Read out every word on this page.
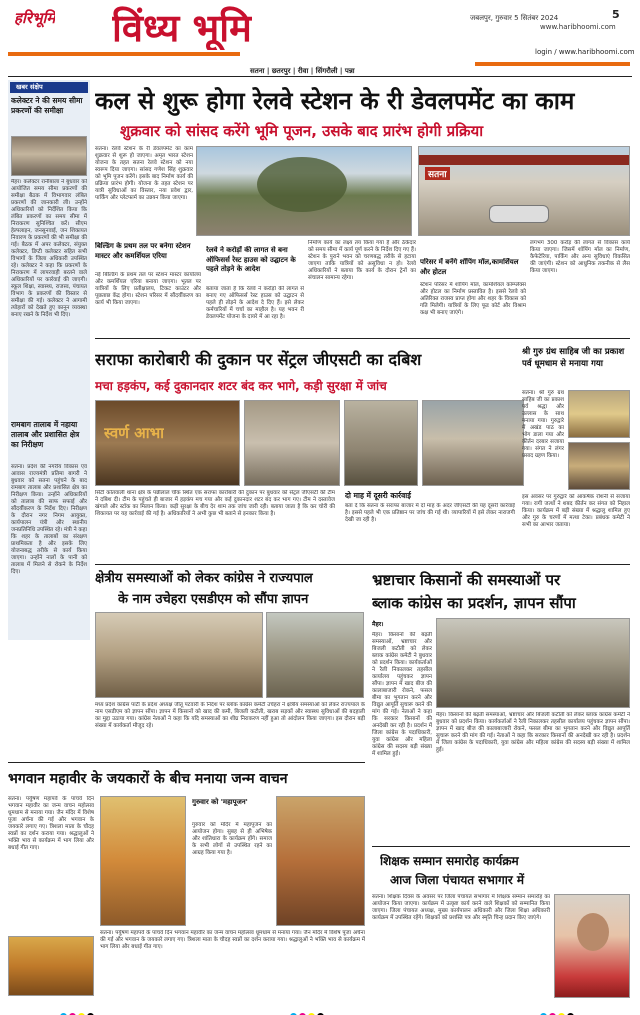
हरिभूमि विंध्य भूमि	जबलपुर, गुरुवार 5 सितंबर 2024
www.haribhoomi.com
5
login / www.haribhoomi.com
सतना | छतरपुर | रीवा | सिंगरौली | पन्ना
खबर संक्षेप
कलेक्टर ने की समय सीमा प्रकरणों की समीक्षा
मैहर। कलेक्टर रानीबाला ने बुधवार को आयोजित समय सीमा प्रकरणों की समीक्षा बैठक में विभागवार लंबित प्रकरणों की जानकारी ली। उन्होंने अधिकारियों को निर्देशित किया कि लंबित प्रकरणों का समय सीमा में निराकरण सुनिश्चित करें। सीएम हेल्पलाइन, जनसुनवाई, जन शिकायत निवारण के प्रकरणों की भी समीक्षा की गई। बैठक में अपर कलेक्टर, संयुक्त कलेक्टर, डिप्टी कलेक्टर सहित सभी विभागों के जिला अधिकारी उपस्थित रहे। कलेक्टर ने कहा कि प्रकरणों के निराकरण में लापरवाही बरतने वाले अधिकारियों पर कार्रवाई की जाएगी। स्कूल शिक्षा, स्वास्थ्य, राजस्व, पंचायत विभाग के प्रकरणों की विस्तार से समीक्षा की गई। कलेक्टर ने आगामी त्योहारों को देखते हुए कानून व्यवस्था बनाए रखने के निर्देश भी दिए।
रामबाग तालाब में नहाया तालाब और प्रशासित क्षेत्र का निरीक्षण
सतना। प्रदेश की नगरीय विकास एवं आवास राज्यमंत्री प्रतिमा बागरी ने बुधवार को सतना पहुंचने के बाद रामबाग तालाब और प्रशासित क्षेत्र का निरीक्षण किया। उन्होंने अधिकारियों को तालाब की साफ सफाई और सौंदर्यीकरण के निर्देश दिए। निरीक्षण के दौरान नगर निगम आयुक्त, कार्यपालन यंत्री और स्थानीय जनप्रतिनिधि उपस्थित रहे। मंत्री ने कहा कि शहर के तालाबों का संरक्षण प्राथमिकता है और इसके लिए योजनाबद्ध तरीके से कार्य किया जाएगा। उन्होंने नालों के पानी को तालाब में मिलने से रोकने के निर्देश दिए।
कल से शुरू होगा रेलवे स्टेशन के री डेवलपमेंट का काम
शुक्रवार को सांसद करेंगे भूमि पूजन, उसके बाद प्रारंभ होगी प्रक्रिया
सतना
सतना। रेलवे स्टेशन के री डेवलपमेंट का काम शुक्रवार से शुरू हो जाएगा। अमृत भारत स्टेशन योजना के तहत सतना रेलवे स्टेशन को नया स्वरूप दिया जाएगा। सांसद गणेश सिंह शुक्रवार को भूमि पूजन करेंगे। इसके बाद निर्माण कार्य की प्रक्रिया प्रारंभ होगी। योजना के तहत स्टेशन पर यात्री सुविधाओं का विस्तार, नया प्रवेश द्वार, पार्किंग और प्लेटफार्म का उन्नयन किया जाएगा।
बिल्डिंग के प्रथम तल पर बनेगा स्टेशन मास्टर और कमर्शियल एरिया
नई बिल्डिंग के प्रथम तल पर स्टेशन मास्टर कार्यालय और कमर्शियल एरिया बनाया जाएगा। भूतल पर यात्रियों के लिए प्रतीक्षालय, टिकट काउंटर और पूछताछ केंद्र होगा। स्टेशन परिसर में सौंदर्यीकरण का कार्य भी किया जाएगा।
रेलवे ने करोड़ों की लागत से बना ऑफिसर्स रेस्ट हाउस को उद्घाटन के पहले तोड़ने के आदेश
बताया जाता है कि रेलवे ने करोड़ों की लागत से बनाए गए ऑफिसर्स रेस्ट हाउस को उद्घाटन से पहले ही तोड़ने के आदेश दे दिए हैं। इसे लेकर कर्मचारियों में चर्चा का माहौल है। यह भवन री डेवलपमेंट योजना के दायरे में आ रहा है।
निर्माण कार्य का लक्ष्य तय किया गया है और ठेकेदार को समय सीमा में कार्य पूर्ण करने के निर्देश दिए गए हैं। स्टेशन के पुराने भवन को चरणबद्ध तरीके से हटाया जाएगा ताकि यात्रियों को असुविधा न हो। रेलवे अधिकारियों ने बताया कि कार्य के दौरान ट्रेनों का संचालन सामान्य रहेगा।
परिसर में बनेंगे शॉपिंग मॉल,कामर्शियल और होटल
स्टेशन परिसर में शॉपिंग मॉल, कामर्शियल कॉम्प्लेक्स और होटल का निर्माण प्रस्तावित है। इससे रेलवे को अतिरिक्त राजस्व प्राप्त होगा और शहर के विकास को गति मिलेगी। यात्रियों के लिए फूड कोर्ट और विश्राम कक्ष भी बनाए जाएंगे।
लगभग 300 करोड़ की लागत से विकास कार्य किया जाएगा। जिसमें शॉपिंग मॉल का निर्माण, कैफेटेरिया, पार्किंग और अन्य सुविधाएं विकसित की जाएंगी। स्टेशन को आधुनिक तकनीक से लैस किया जाएगा।
सराफा कारोबारी की दुकान पर सेंट्रल जीएसटी का दबिश
मचा हड़कंप, कई दुकानदार शटर बंद कर भागे, कड़ी सुरक्षा में जांच
स्वर्ण आभा
सिटी कोतवाली थाना क्षेत्र के पन्नीलाल चौक स्थित एक सराफा कारोबारी की दुकान पर बुधवार को सेंट्रल जीएसटी की टीम ने दबिश दी। टीम के पहुंचते ही बाजार में हड़कंप मच गया और कई दुकानदार शटर बंद कर भाग गए। टीम ने दस्तावेज खंगाले और स्टॉक का मिलान किया। कड़ी सुरक्षा के बीच देर शाम तक जांच जारी रही। बताया जाता है कि कर चोरी की शिकायत पर यह कार्रवाई की गई है। अधिकारियों ने अभी कुछ भी बताने से इनकार किया है।
दो माह में दूसरी कार्रवाई
बता दें कि सतना के सराफा बाजार में दो माह के अंदर जीएसटी की यह दूसरी कार्रवाई है। इससे पहले भी एक प्रतिष्ठान पर जांच की गई थी। व्यापारियों में इसे लेकर नाराजगी देखी जा रही है।
श्री गुरु ग्रंथ साहिब जी का प्रकाश पर्व धूमधाम से मनाया गया
सतना। श्री गुरु ग्रंथ साहिब जी का प्रकाश पर्व श्रद्धा और उल्लास के साथ मनाया गया। गुरुद्वारे में अखंड पाठ का भोग डाला गया और कीर्तन दरबार सजाया गया। संगत ने लंगर प्रसाद ग्रहण किया।
इस अवसर पर गुरुद्वारे को आकर्षक रोशनी से सजाया गया। रागी जत्थों ने शबद कीर्तन कर संगत को निहाल किया। कार्यक्रम में बड़ी संख्या में श्रद्धालु शामिल हुए और गुरु के चरणों में मत्था टेका। प्रबंधक कमेटी ने सभी का आभार जताया।
क्षेत्रीय समस्याओं को लेकर कांग्रेस ने राज्यपाल
के नाम उचेहरा एसडीएम को सौंपा ज्ञापन
मध्य प्रदेश कांग्रेस पार्टी के प्रदेश अध्यक्ष जीतू पटवारी के निर्देश पर ब्लॉक कांग्रेस कमेटी उचेहरा ने क्षेत्रीय समस्याओं को लेकर राज्यपाल के नाम एसडीएम को ज्ञापन सौंपा। ज्ञापन में किसानों को खाद की कमी, बिजली कटौती, खराब सड़कों और स्वास्थ्य सुविधाओं की बदहाली का मुद्दा उठाया गया। कांग्रेस नेताओं ने कहा कि यदि समस्याओं का शीघ्र निराकरण नहीं हुआ तो आंदोलन किया जाएगा। इस दौरान बड़ी संख्या में कार्यकर्ता मौजूद रहे।
भ्रष्टाचार किसानों की समस्याओं पर
ब्लाक कांग्रेस का प्रदर्शन, ज्ञापन सौंपा
मैहर।
मैहर। किसानों की बढ़ती समस्याओं, भ्रष्टाचार और बिजली कटौती को लेकर ब्लाक कांग्रेस कमेटी ने बुधवार को प्रदर्शन किया। कार्यकर्ताओं ने रैली निकालकर तहसील कार्यालय पहुंचकर ज्ञापन सौंपा। ज्ञापन में खाद बीज की कालाबाजारी रोकने, फसल बीमा का भुगतान करने और विद्युत आपूर्ति सुचारू करने की मांग की गई। नेताओं ने कहा कि सरकार किसानों की अनदेखी कर रही है। प्रदर्शन में जिला कांग्रेस के पदाधिकारी, युवा कांग्रेस और महिला कांग्रेस की सदस्य बड़ी संख्या में शामिल हुईं।
मैहर। किसानों की बढ़ती समस्याओं, भ्रष्टाचार और बिजली कटौती को लेकर ब्लाक कांग्रेस कमेटी ने बुधवार को प्रदर्शन किया। कार्यकर्ताओं ने रैली निकालकर तहसील कार्यालय पहुंचकर ज्ञापन सौंपा। ज्ञापन में खाद बीज की कालाबाजारी रोकने, फसल बीमा का भुगतान करने और विद्युत आपूर्ति सुचारू करने की मांग की गई। नेताओं ने कहा कि सरकार किसानों की अनदेखी कर रही है। प्रदर्शन में जिला कांग्रेस के पदाधिकारी, युवा कांग्रेस और महिला कांग्रेस की सदस्य बड़ी संख्या में शामिल हुईं।
भगवान महावीर के जयकारों के बीच मनाया जन्म वाचन
सतना। पर्युषण महापर्व के पांचवें दिन भगवान महावीर का जन्म वाचन महोत्सव धूमधाम से मनाया गया। जैन मंदिर में विशेष पूजा अर्चना की गई और भगवान के जयकारे लगाए गए। त्रिशला माता के चौदह स्वप्नों का दर्शन कराया गया। श्रद्धालुओं ने भक्ति भाव से कार्यक्रम में भाग लिया और बधाई गीत गाए।
गुरुवार को 'महापूजन'
गुरुवार को मंदिर में महापूजन का आयोजन होगा। सुबह से ही अभिषेक और शांतिधारा के कार्यक्रम होंगे। समाज के सभी लोगों से उपस्थित रहने का आग्रह किया गया है।
सतना। पर्युषण महापर्व के पांचवें दिन भगवान महावीर का जन्म वाचन महोत्सव धूमधाम से मनाया गया। जैन मंदिर में विशेष पूजा अर्चना की गई और भगवान के जयकारे लगाए गए। त्रिशला माता के चौदह स्वप्नों का दर्शन कराया गया। श्रद्धालुओं ने भक्ति भाव से कार्यक्रम में भाग लिया और बधाई गीत गाए।
शिक्षक सम्मान समारोह कार्यक्रम
आज जिला पंचायत सभागार में
सतना। शिक्षक दिवस के अवसर पर जिला पंचायत सभागार में शिक्षक सम्मान समारोह का आयोजन किया जाएगा। कार्यक्रम में उत्कृष्ट कार्य करने वाले शिक्षकों को सम्मानित किया जाएगा। जिला पंचायत अध्यक्ष, मुख्य कार्यपालन अधिकारी और जिला शिक्षा अधिकारी कार्यक्रम में उपस्थित रहेंगे। शिक्षकों को प्रशस्ति पत्र और स्मृति चिन्ह प्रदान किए जाएंगे।
